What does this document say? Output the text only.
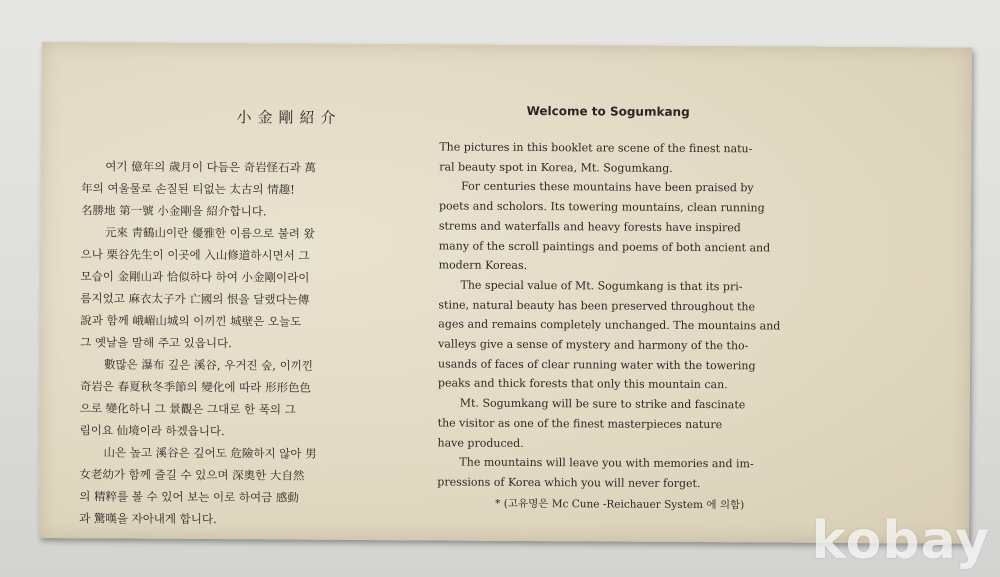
小金剛紹介	Welcome to Sogumkang
여기 億年의 歲月이 다듬은 奇岩怪石과 萬
年의 여울물로 손질된 티없는 太古의 情趣!
名勝地 第一號 小金剛을 紹介합니다.
元來 靑鶴山이란 優雅한 이름으로 불려 왔
으나 栗谷先生이 이곳에 入山修道하시면서 그
모습이 金剛山과 恰似하다 하여 小金剛이라이
름지었고 麻衣太子가 亡國의 恨을 달랬다는傳
說과 함께 峨嵋山城의 이끼낀 城壁은 오늘도
그 옛날을 말해 주고 있읍니다.
數많은 瀑布 깊은 溪谷, 우거진 숲, 이끼낀
奇岩은 春夏秋冬季節의 變化에 따라 形形色色
으로 變化하니 그 景觀은 그대로 한 폭의 그
림이요 仙境이라 하겠읍니다.
山은 높고 溪谷은 깊어도 危險하지 않아 男
女老幼가 함께 즐길 수 있으며 深奧한 大自然
의 精粹를 볼 수 있어 보는 이로 하여금 感動
과 驚嘆을 자아내게 합니다.
The pictures in this booklet are scene of the finest natu-
ral beauty spot in Korea, Mt. Sogumkang.
For centuries these mountains have been praised by
poets and scholors. Its towering mountains, clean running
strems and waterfalls and heavy forests have inspired
many of the scroll paintings and poems of both ancient and
modern Koreas.
The special value of Mt. Sogumkang is that its pri-
stine, natural beauty has been preserved throughout the
ages and remains completely unchanged. The mountains and
valleys give a sense of mystery and harmony of the tho-
usands of faces of clear running water with the towering
peaks and thick forests that only this mountain can.
Mt. Sogumkang will be sure to strike and fascinate
the visitor as one of the finest masterpieces nature
have produced.
The mountains will leave you with memories and im-
pressions of Korea which you will never forget.
* (고유명은 Mc Cune -Reichauer System 에 의함)
kobay
